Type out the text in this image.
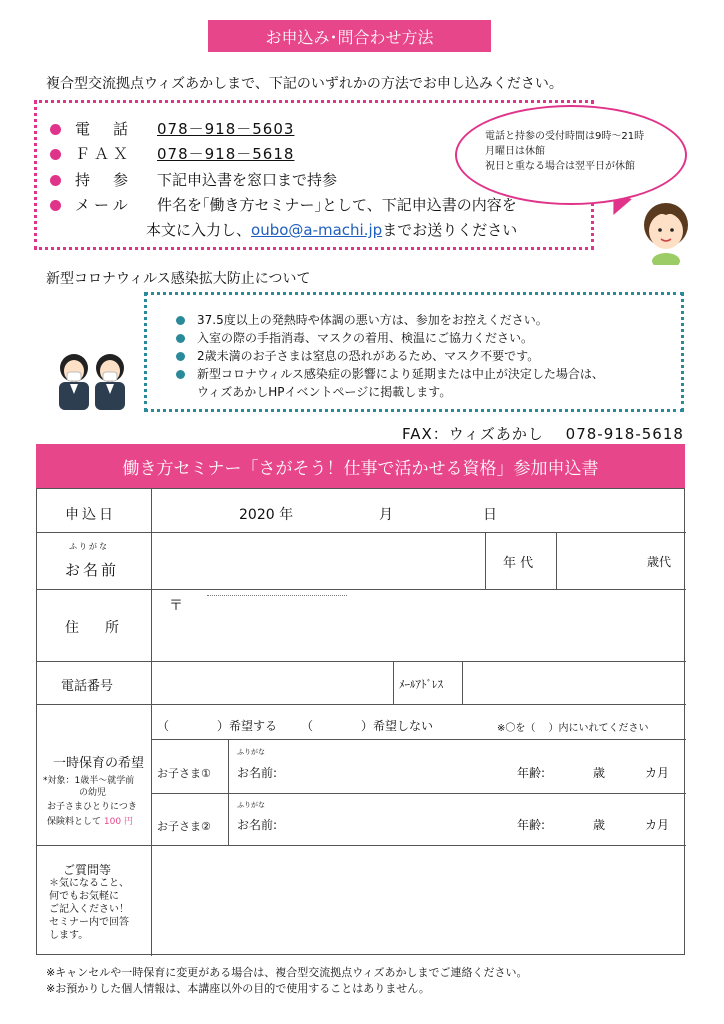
お申込み･問合わせ方法
複合型交流拠点ウィズあかしまで、下記のいずれかの方法でお申し込みください。
電　話 078－918－5603
ＦＡＸ 078－918－5618
持　参 下記申込書を窓口まで持参
メール 件名を｢働き方セミナー｣として、下記申込書の内容を
本文に入力し、oubo@a-machi.jpまでお送りください
電話と持参の受付時間は9時～21時
月曜日は休館
祝日と重なる場合は翌平日が休館
新型コロナウィルス感染拡大防止について
37.5度以上の発熱時や体調の悪い方は、参加をお控えください。
入室の際の手指消毒、マスクの着用、検温にご協力ください。
2歳未満のお子さまは窒息の恐れがあるため、マスク不要です。
新型コロナウィルス感染症の影響により延期または中止が決定した場合は、
ウィズあかしHPイベントページに掲載します。
FAX：ウィズあかし　 078-918-5618
働き方セミナー「さがそう！仕事で活かせる資格」参加申込書
申込日	2020 年	月	日
ふりがな
お名前	年 代	歳代
住　所
〒
電話番号	ﾒｰﾙｱﾄﾞﾚｽ
一時保育の希望
*対象：1歳半～就学前
の幼児
お子さまひとりにつき
保険料として 100 円
（　　　　）希望する （　　　　）希望しない	※〇を（　 ）内にいれてください
お子さま①
ふりがな
お名前:	年齢:	歳	カ月
お子さま②
ふりがな
お名前:	年齢:	歳	カ月
ご質問等
＊気になること、
何でもお気軽に
ご記入ください！
セミナー内で回答
します。
※キャンセルや一時保育に変更がある場合は、複合型交流拠点ウィズあかしまでご連絡ください。
※お預かりした個人情報は、本講座以外の目的で使用することはありません。
